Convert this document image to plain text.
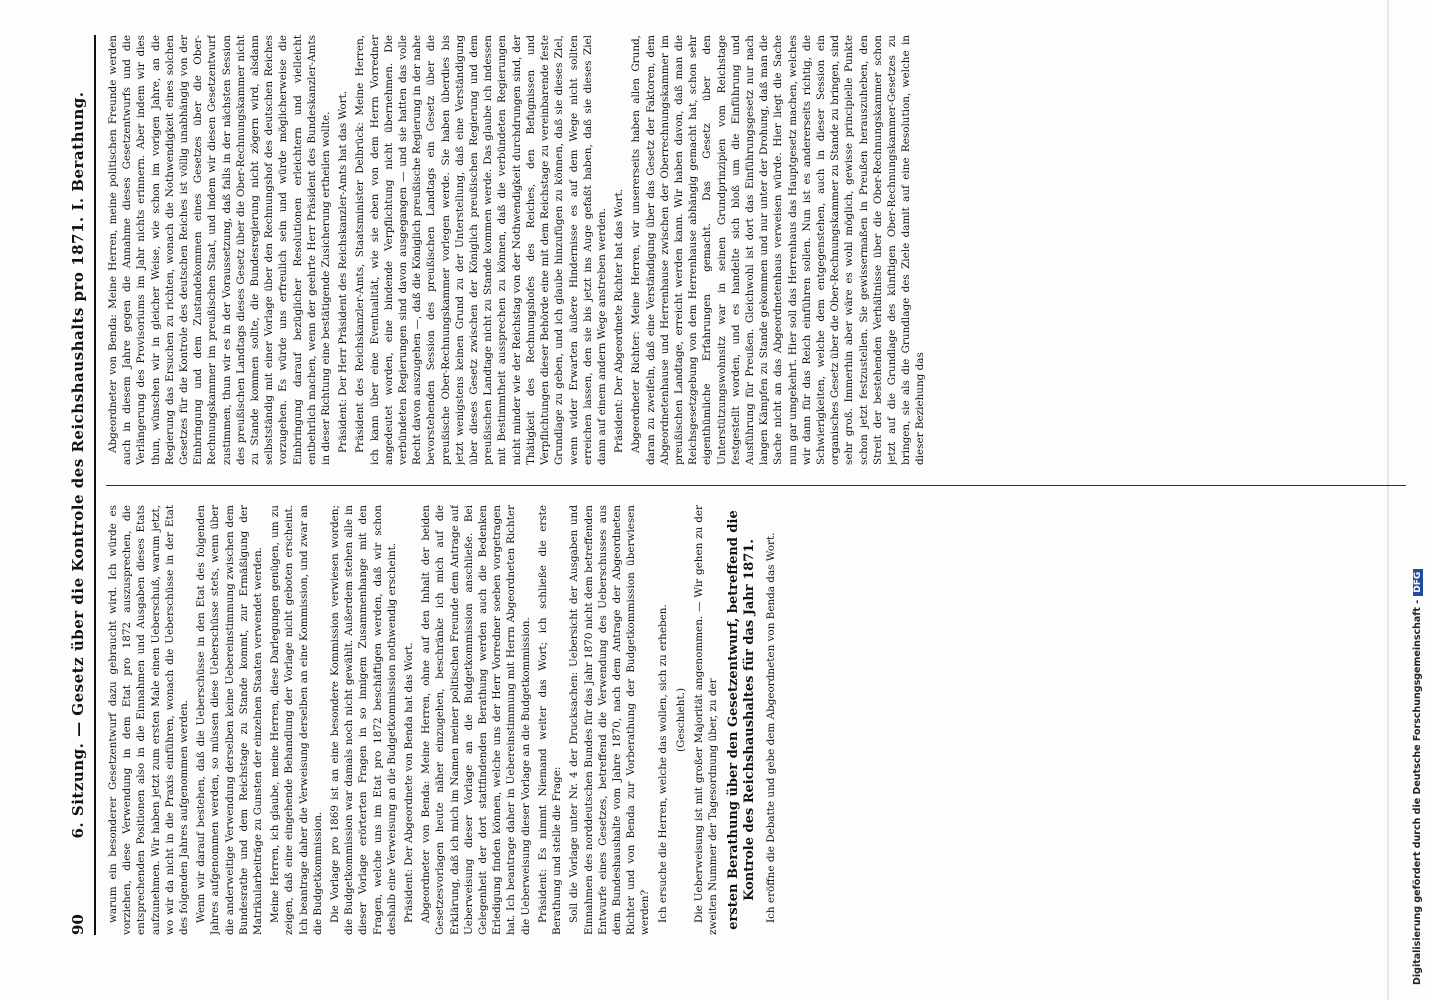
90
6. Sitzung. — Gesetz über die Kontrole des Reichshaushalts pro 1871. I. Berathung. warum ein besonderer Gesetzentwurf dazu gebraucht wird. Ich würde es vorziehen, diese Verwendung in dem Etat pro 1872 auszusprechen, die entsprechenden Positionen also in die Einnahmen und Ausgaben dieses Etats aufzunehmen. Wir haben jetzt zum ersten Male einen Ueberschuß, warum jetzt, wo wir da nicht in die Praxis einführen, wonach die Ueberschüsse in der Etat des folgenden Jahres aufgenommen werden. Wenn wir darauf bestehen, daß die Ueberschüsse in den Etat des folgenden Jahres aufgenommen werden, so müssen diese Ueberschüsse stets, wenn über die anderweitige Verwendung derselben keine Uebereinstimmung zwischen dem Bundesrathe und dem Reichstage zu Stande kommt, zur Ermäßigung der Matrikularbeiträge zu Gunsten der einzelnen Staaten verwendet werden. Meine Herren, ich glaube, meine Herren, diese Darlegungen genügen, um zu zeigen, daß eine eingehende Behandlung der Vorlage nicht geboten erscheint. Ich beantrage daher die Verweisung derselben an eine Kommission, und zwar an die Budgetkommission. Die Vorlage pro 1869 ist an eine besondere Kommission verwiesen worden; die Budgetkommission war damals noch nicht gewählt. Außerdem stehen alle in dieser Vorlage erörterten Fragen in so innigem Zusammenhange mit den Fragen, welche uns im Etat pro 1872 beschäftigen werden, daß wir schon deshalb eine Verweisung an die Budgetkommission nothwendig erscheint. Präsident: Der Abgeordnete von Benda hat das Wort. Abgeordneter von Benda: Meine Herren, ohne auf den Inhalt der beiden Gesetzesvorlagen heute näher einzugehen, beschränke ich mich auf die Erklärung, daß ich mich im Namen meiner politischen Freunde dem Antrage auf Ueberweisung dieser Vorlage an die Budgetkommission anschließe. Bei Gelegenheit der dort stattfindenden Berathung werden auch die Bedenken Erledigung finden können, welche uns der Herr Vorredner soeben vorgetragen hat. Ich beantrage daher in Uebereinstimmung mit Herrn Abgeordneten Richter die Ueberweisung dieser Vorlage an die Budgetkommission. Präsident: Es nimmt Niemand weiter das Wort; ich schließe die erste Berathung und stelle die Frage: Soll die Vorlage unter Nr. 4 der Drucksachen: Uebersicht der Ausgaben und Einnahmen des norddeutschen Bundes für das Jahr 1870 nicht dem betreffenden Entwurfe eines Gesetzes, betreffend die Verwendung des Ueberschusses aus dem Bundeshaushalte vom Jahre 1870, nach dem Antrage der Abgeordneten Richter und von Benda zur Vorberathung der Budgetkommission überwiesen werden? Ich ersuche die Herren, welche das wollen, sich zu erheben. (Geschieht.) Die Ueberweisung ist mit großer Majorität angenommen. — Wir gehen zu der zweiten Nummer der Tagesordnung über, zu der ersten Berathung über den Gesetzentwurf, betreffend die Kontrole des Reichshaushaltes für das Jahr 1871. Ich eröffne die Debatte und gebe dem Abgeordneten von Benda das Wort.

Abgeordneter von Benda: Meine Herren, meine politischen Freunde werden auch in diesem Jahre gegen die Annahme dieses Gesetzentwurfs und die Verlängerung des Provisoriums im Jahr nichts erinnern. Aber indem wir dies thun, wünschen wir in gleicher Weise, wie schon im vorigen Jahre, an die Regierung das Ersuchen zu richten, wonach die Nothwendigkeit eines solchen Gesetzes für die Kontrole des deutschen Reiches ist völlig unabhängig von der Einbringung und dem Zustandekommen eines Gesetzes über die Ober-Rechnungskammer im preußischen Staat, und indem wir diesen Gesetzentwurf zustimmen, thun wir es in der Voraussetzung, daß falls in der nächsten Session des preußischen Landtags dieses Gesetz über die Ober-Rechnungskammer nicht zu Stande kommen sollte, die Bundesregierung nicht zögern wird, alsdann selbstständig mit einer Vorlage über den Rechnungshof des deutschen Reiches vorzugehen. Es würde uns erfreulich sein und würde möglicherweise die Einbringung darauf bezüglicher Resolutionen erleichtern und vielleicht entbehrlich machen, wenn der geehrte Herr Präsident des Bundeskanzler-Amts in dieser Richtung eine bestätigende Zusicherung ertheilen wollte. Präsident: Der Herr Präsident des Reichskanzler-Amts hat das Wort. Präsident des Reichskanzler-Amts, Staatsminister Delbrück: Meine Herren, ich kann über eine Eventualität, wie sie eben von dem Herrn Vorredner angedeutet worden, eine bindende Verpflichtung nicht übernehmen. Die verbündeten Regierungen sind davon ausgegangen — und sie hatten das volle Recht davon auszugehen —, daß die Königlich preußische Regierung in der nahe bevorstehenden Session des preußischen Landtags ein Gesetz über die preußische Ober-Rechnungskammer vorlegen werde. Sie haben überdies bis jetzt wenigstens keinen Grund zu der Unterstellung, daß eine Verständigung über dieses Gesetz zwischen der Königlich preußischen Regierung und dem preußischen Landtage nicht zu Stande kommen werde. Das glaube ich indessen mit Bestimmtheit aussprechen zu können, daß die verbündeten Regierungen nicht minder wie der Reichstag von der Nothwendigkeit durchdrungen sind, der Thätigkeit des Rechnungshofes des Reiches, den Befugnissen und Verpflichtungen dieser Behörde eine mit dem Reichstage zu vereinbarende feste Grundlage zu geben, und ich glaube hinzufügen zu können, daß sie dieses Ziel, wenn wider Erwarten äußere Hindernisse es auf dem Wege nicht sollten erreichen lassen, den sie bis jetzt ins Auge gefaßt haben, daß sie dieses Ziel dann auf einem andern Wege anstreben werden. Präsident: Der Abgeordnete Richter hat das Wort. Abgeordneter Richter: Meine Herren, wir unsererseits haben allen Grund, daran zu zweifeln, daß eine Verständigung über das Gesetz der Faktoren, dem Abgeordnetenhause und Herrenhause zwischen der Oberrechnungskammer im preußischen Landtage, erreicht werden kann. Wir haben davon, daß man die Reichsgesetzgebung von dem Herrenhause abhängig gemacht hat, schon sehr eigenthümliche Erfahrungen gemacht. Das Gesetz über den Unterstützungswohnsitz war in seinen Grundprinzipien vom Reichstage festgestellt worden, und es handelte sich bloß um die Einführung und Ausführung für Preußen. Gleichwohl ist dort das Einführungsgesetz nur nach langen Kämpfen zu Stande gekommen und nur unter der Drohung, daß man die Sache nicht an das Abgeordnetenhaus verweisen würde. Hier liegt die Sache nun gar umgekehrt. Hier soll das Herrenhaus das Hauptgesetz machen, welches wir dann für das Reich einführen sollen. Nun ist es andererseits richtig, die Schwierigkeiten, welche dem entgegenstehen, auch in dieser Session ein organisches Gesetz über die Ober-Rechnungskammer zu Stande zu bringen, sind sehr groß. Immerhin aber wäre es wohl möglich, gewisse principielle Punkte schon jetzt festzustellen. Sie gewissermaßen in Preußen herauszuheben, den Streit der bestehenden Verhältnisse über die Ober-Rechnungskammer schon jetzt auf die Grundlage des künftigen Ober-Rechnungskammer-Gesetzes zu bringen, sie als die Grundlage des Ziele damit auf eine Resolution, welche in dieser Beziehung das

Digitalisierung gefördert durch die Deutsche Forschungsgemeinschaft -DFG
